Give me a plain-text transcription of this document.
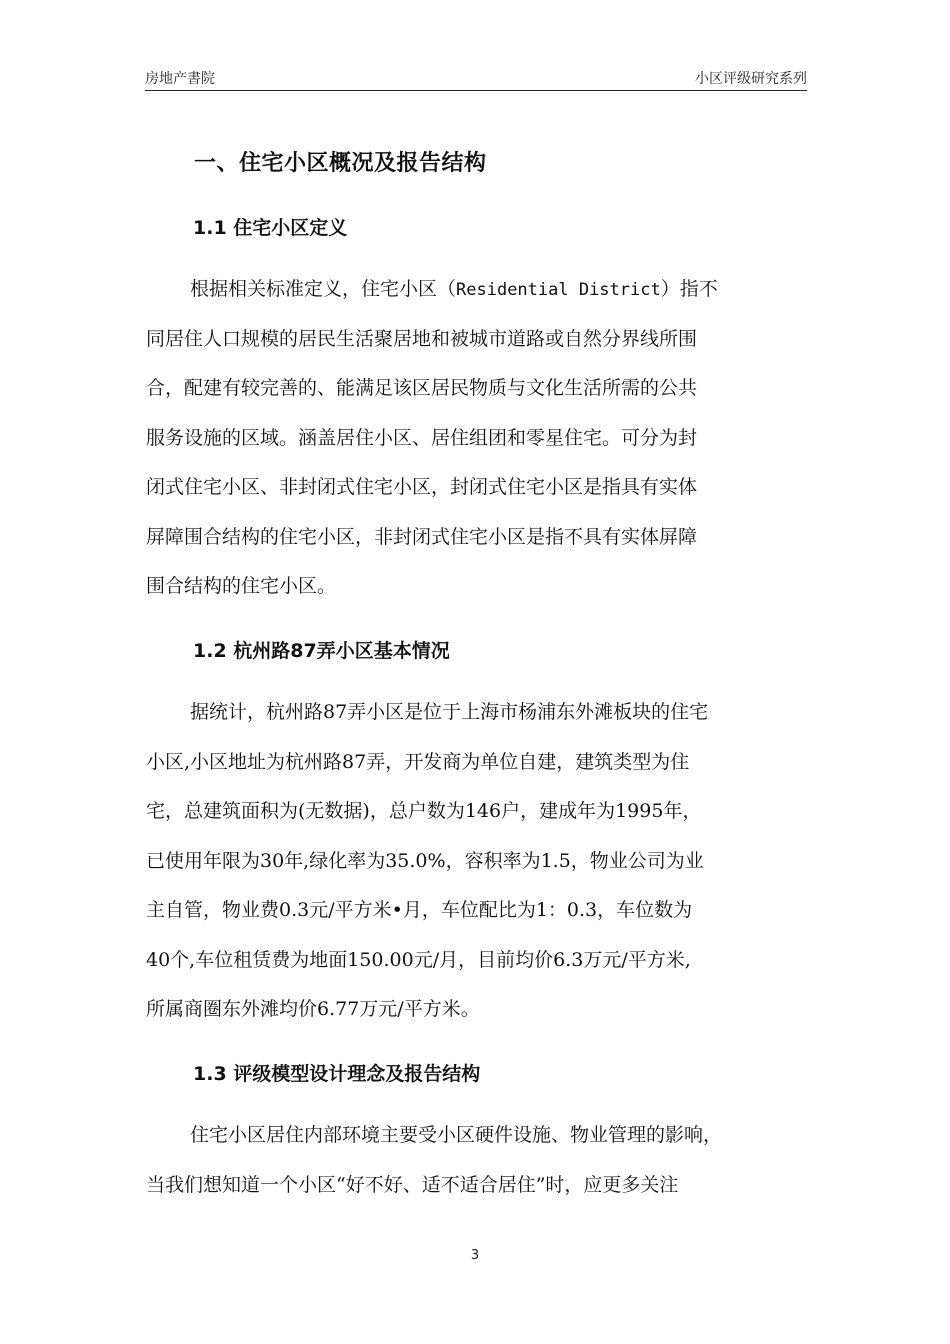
房地产書院	小区评级研究系列
一、住宅小区概况及报告结构
1.1 住宅小区定义
根据相关标准定义，住宅小区（Residential District）指不
同居住人口规模的居民生活聚居地和被城市道路或自然分界线所围
合，配建有较完善的、能满足该区居民物质与文化生活所需的公共
服务设施的区域。涵盖居住小区、居住组团和零星住宅。可分为封
闭式住宅小区、非封闭式住宅小区，封闭式住宅小区是指具有实体
屏障围合结构的住宅小区，非封闭式住宅小区是指不具有实体屏障
围合结构的住宅小区。
1.2 杭州路87弄小区基本情况
据统计，杭州路87弄小区是位于上海市杨浦东外滩板块的住宅
小区,小区地址为杭州路87弄，开发商为单位自建，建筑类型为住
宅，总建筑面积为(无数据)，总户数为146户，建成年为1995年，
已使用年限为30年,绿化率为35.0%，容积率为1.5，物业公司为业
主自管，物业费0.3元/平方米•月，车位配比为1：0.3，车位数为
40个,车位租赁费为地面150.00元/月，目前均价6.3万元/平方米,
所属商圈东外滩均价6.77万元/平方米。
1.3 评级模型设计理念及报告结构
住宅小区居住内部环境主要受小区硬件设施、物业管理的影响，
当我们想知道一个小区“好不好、适不适合居住”时，应更多关注
3
